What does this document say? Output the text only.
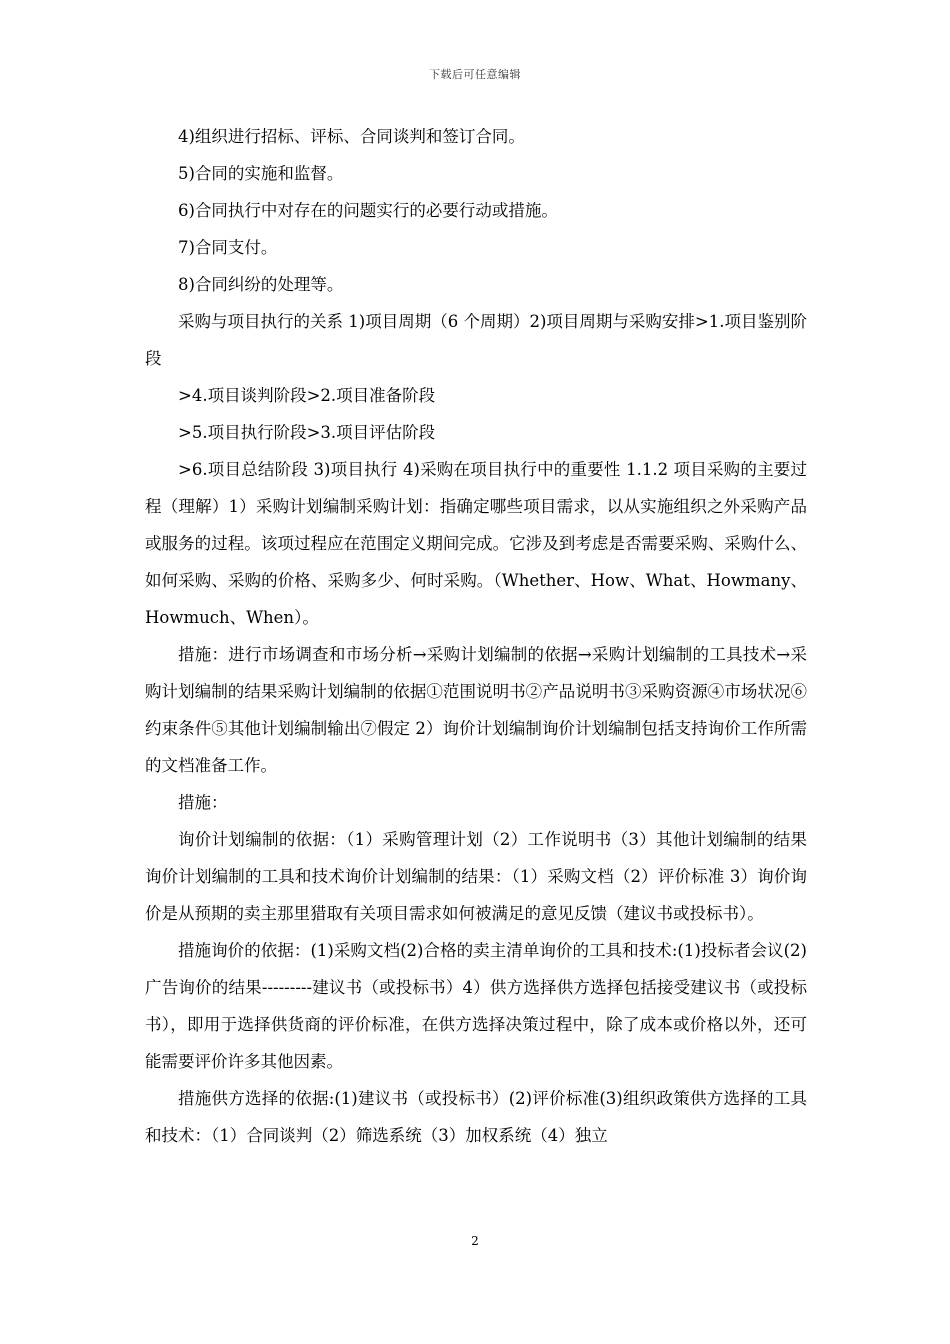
下载后可任意编辑

4)组织进行招标、评标、合同谈判和签订合同。

5)合同的实施和监督。

6)合同执行中对存在的问题实行的必要行动或措施。

7)合同支付。

8)合同纠纷的处理等。

采购与项目执行的关系 1)项目周期（6 个周期）2)项目周期与采购安排>1.项目鉴别阶段

>4.项目谈判阶段>2.项目准备阶段

>5.项目执行阶段>3.项目评估阶段

>6.项目总结阶段 3)项目执行 4)采购在项目执行中的重要性 1.1.2 项目采购的主要过程（理解）1）采购计划编制采购计划：指确定哪些项目需求，以从实施组织之外采购产品或服务的过程。该项过程应在范围定义期间完成。它涉及到考虑是否需要采购、采购什么、如何采购、采购的价格、采购多少、何时采购。（Whether、How、What、Howmany、Howmuch、When）。

措施：进行市场调查和市场分析→采购计划编制的依据→采购计划编制的工具技术→采购计划编制的结果采购计划编制的依据①范围说明书②产品说明书③采购资源④市场状况⑥约束条件⑤其他计划编制输出⑦假定 2）询价计划编制询价计划编制包括支持询价工作所需的文档准备工作。

措施：

询价计划编制的依据：（1）采购管理计划（2）工作说明书（3）其他计划编制的结果询价计划编制的工具和技术询价计划编制的结果：（1）采购文档（2）评价标准 3）询价询价是从预期的卖主那里猎取有关项目需求如何被满足的意见反馈（建议书或投标书）。

措施询价的依据：(1)采购文档(2)合格的卖主清单询价的工具和技术:(1)投标者会议(2)广告询价的结果---------建议书（或投标书）4）供方选择供方选择包括接受建议书（或投标书），即用于选择供货商的评价标准，在供方选择决策过程中，除了成本或价格以外，还可能需要评价许多其他因素。

措施供方选择的依据:(1)建议书（或投标书）(2)评价标准(3)组织政策供方选择的工具和技术：（1）合同谈判（2）筛选系统（3）加权系统（4）独立

2
